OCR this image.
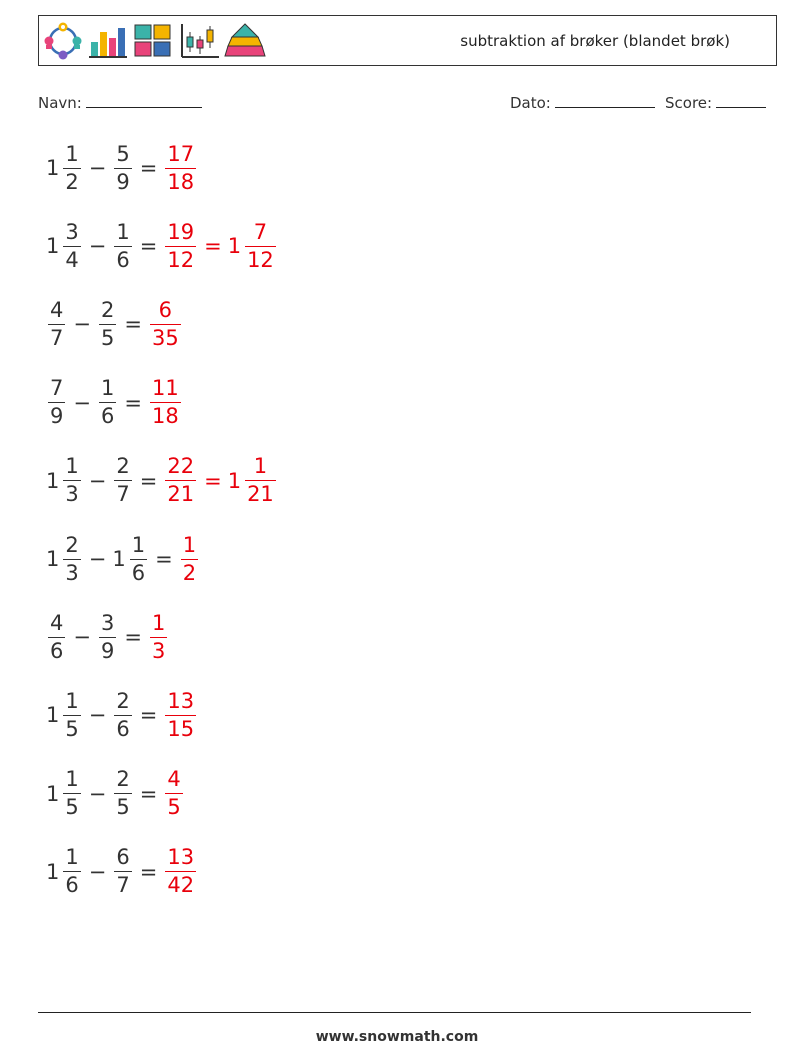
subtraktion af brøker (blandet brøk)
Navn:	Dato:	Score:
$1 \frac{1}{2} - \frac{5}{9} = \frac{17}{18}$
$1 \frac{3}{4} - \frac{1}{6} = \frac{19}{12} = 1 \frac{7}{12}$
$\frac{4}{7} - \frac{2}{5} = \frac{6}{35}$
$\frac{7}{9} - \frac{1}{6} = \frac{11}{18}$
$1 \frac{1}{3} - \frac{2}{7} = \frac{22}{21} = 1 \frac{1}{21}$
$1 \frac{2}{3} - 1 \frac{1}{6} = \frac{1}{2}$
$\frac{4}{6} - \frac{3}{9} = \frac{1}{3}$
$1 \frac{1}{5} - \frac{2}{6} = \frac{13}{15}$
$1 \frac{1}{5} - \frac{2}{5} = \frac{4}{5}$
$1 \frac{1}{6} - \frac{6}{7} = \frac{13}{42}$
www.snowmath.com
